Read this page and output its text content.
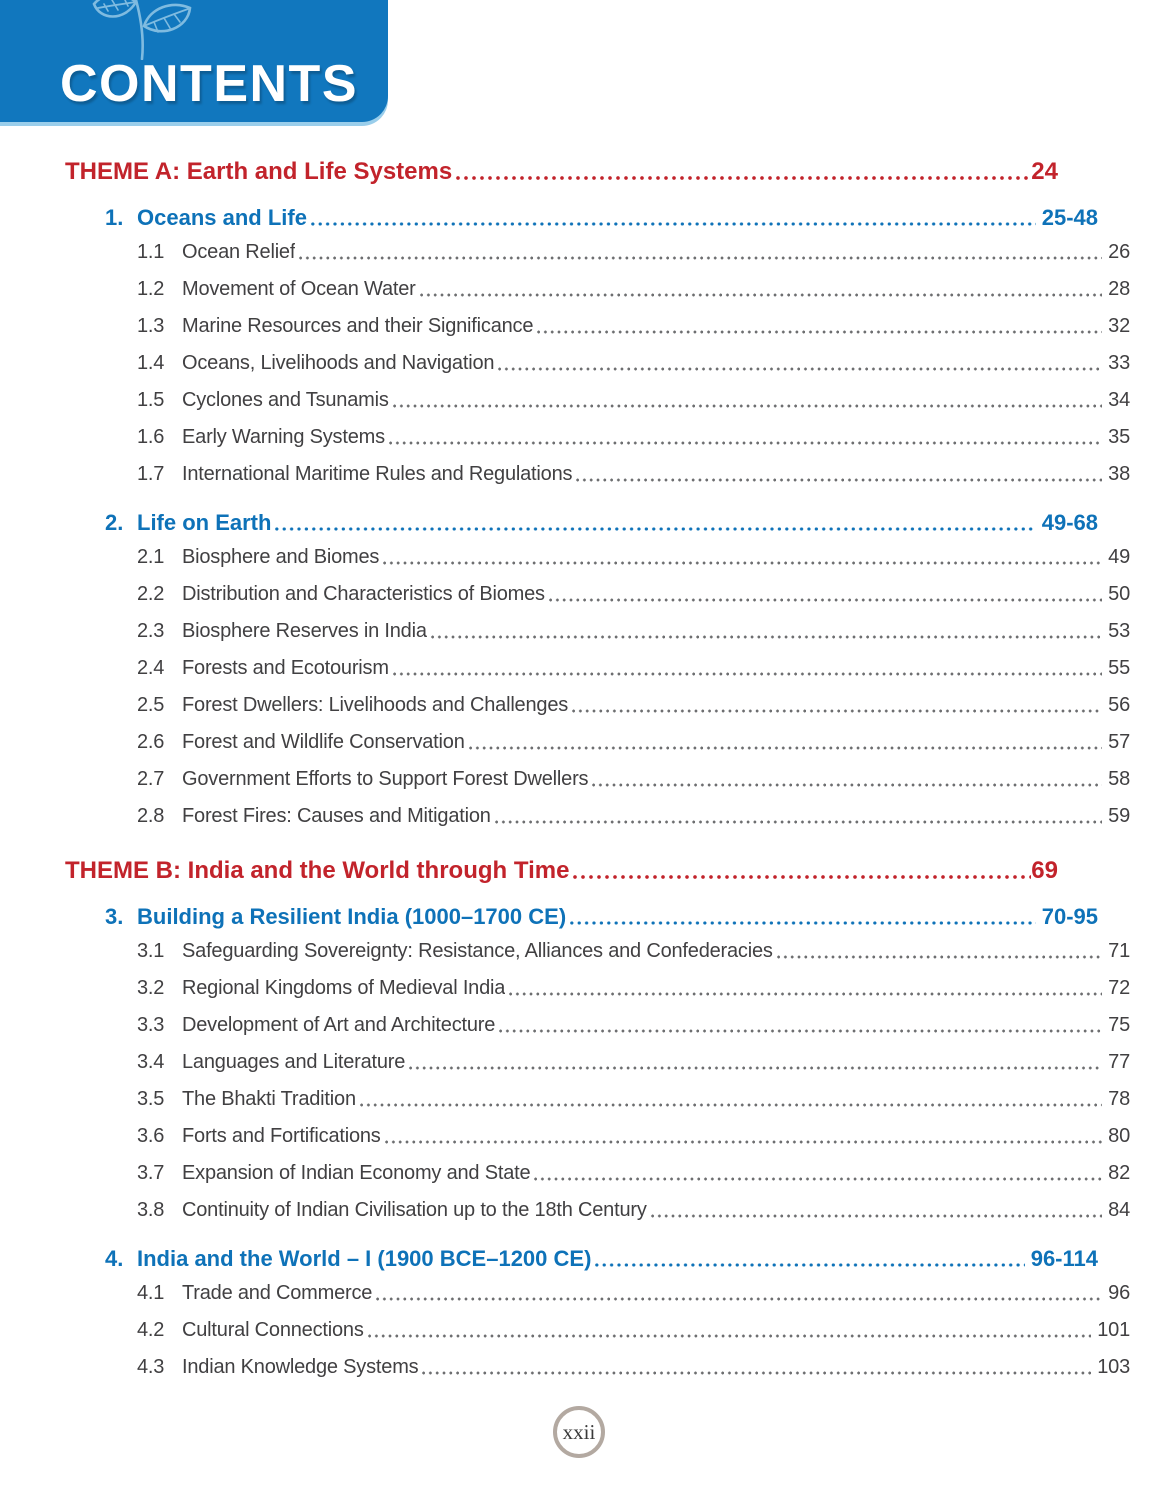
CONTENTS
THEME A: Earth and Life Systems	24
1. Oceans and Life	25-48
1.1 Ocean Relief	26
1.2 Movement of Ocean Water	28
1.3 Marine Resources and their Significance	32
1.4 Oceans, Livelihoods and Navigation	33
1.5 Cyclones and Tsunamis	34
1.6 Early Warning Systems	35
1.7 International Maritime Rules and Regulations	38
2. Life on Earth	49-68
2.1 Biosphere and Biomes	49
2.2 Distribution and Characteristics of Biomes	50
2.3 Biosphere Reserves in India	53
2.4 Forests and Ecotourism	55
2.5 Forest Dwellers: Livelihoods and Challenges	56
2.6 Forest and Wildlife Conservation	57
2.7 Government Efforts to Support Forest Dwellers	58
2.8 Forest Fires: Causes and Mitigation	59
THEME B: India and the World through Time	69
3. Building a Resilient India (1000–1700 CE)	70-95
3.1 Safeguarding Sovereignty: Resistance, Alliances and Confederacies	71
3.2 Regional Kingdoms of Medieval India	72
3.3 Development of Art and Architecture	75
3.4 Languages and Literature	77
3.5 The Bhakti Tradition	78
3.6 Forts and Fortifications	80
3.7 Expansion of Indian Economy and State	82
3.8 Continuity of Indian Civilisation up to the 18th Century	84
4. India and the World – I (1900 BCE–1200 CE)	96-114
4.1 Trade and Commerce	96
4.2 Cultural Connections	101
4.3 Indian Knowledge Systems	103
xxii
